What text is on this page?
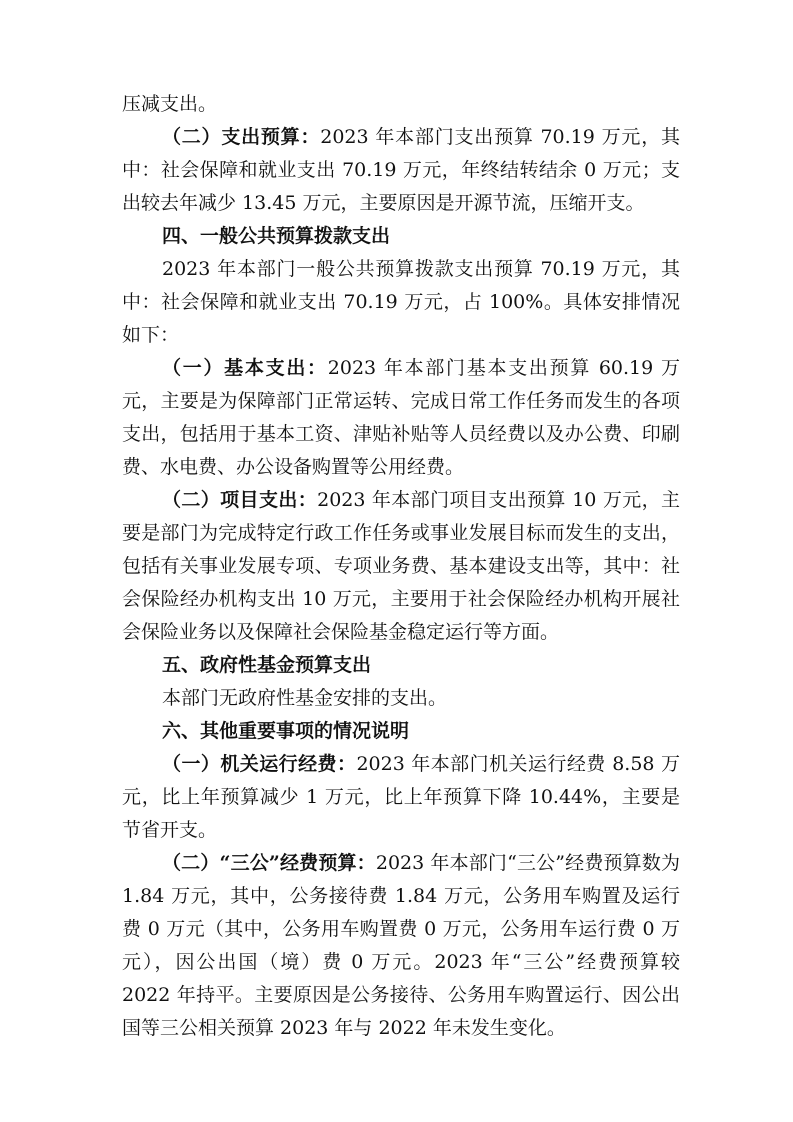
压减支出。

（二）支出预算：2023 年本部门支出预算 70.19 万元，其中：社会保障和就业支出 70.19 万元，年终结转结余 0 万元；支出较去年减少 13.45 万元，主要原因是开源节流，压缩开支。

四、一般公共预算拨款支出

2023 年本部门一般公共预算拨款支出预算 70.19 万元，其中：社会保障和就业支出 70.19 万元，占 100%。具体安排情况如下：

（一）基本支出：2023 年本部门基本支出预算 60.19 万元，主要是为保障部门正常运转、完成日常工作任务而发生的各项支出，包括用于基本工资、津贴补贴等人员经费以及办公费、印刷费、水电费、办公设备购置等公用经费。

（二）项目支出：2023 年本部门项目支出预算 10 万元，主要是部门为完成特定行政工作任务或事业发展目标而发生的支出，包括有关事业发展专项、专项业务费、基本建设支出等，其中：社会保险经办机构支出 10 万元，主要用于社会保险经办机构开展社会保险业务以及保障社会保险基金稳定运行等方面。

五、政府性基金预算支出

本部门无政府性基金安排的支出。

六、其他重要事项的情况说明

（一）机关运行经费：2023 年本部门机关运行经费 8.58 万元，比上年预算减少 1 万元，比上年预算下降 10.44%，主要是节省开支。

（二）“三公”经费预算：2023 年本部门“三公”经费预算数为 1.84 万元，其中，公务接待费 1.84 万元，公务用车购置及运行费 0 万元（其中，公务用车购置费 0 万元，公务用车运行费 0 万元），因公出国（境）费 0 万元。2023 年“三公”经费预算较 2022 年持平。主要原因是公务接待、公务用车购置运行、因公出国等三公相关预算 2023 年与 2022 年未发生变化。
